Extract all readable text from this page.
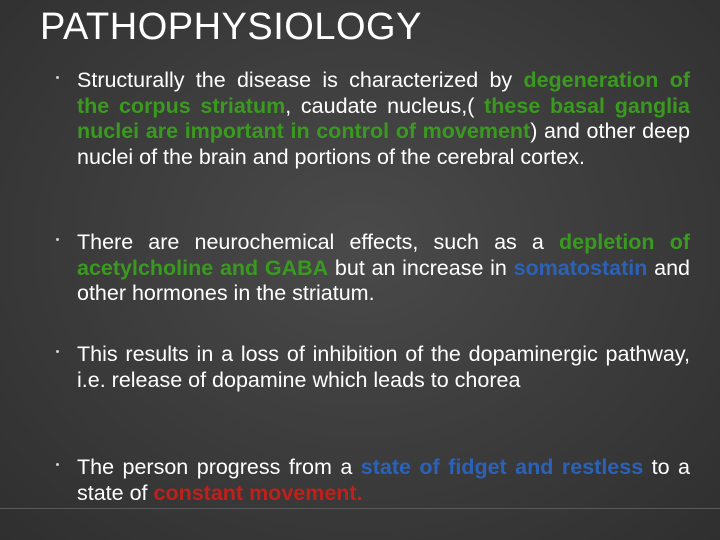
PATHOPHYSIOLOGY
Structurally the disease is characterized by degeneration of the corpus striatum, caudate nucleus,( these basal ganglia nuclei are important in control of movement) and other deep nuclei of the brain and portions of the cerebral cortex.
There are neurochemical effects, such as a depletion of acetylcholine and GABA but an increase in somatostatin and other hormones in the striatum.
This results in a loss of inhibition of the dopaminergic pathway, i.e. release of dopamine which leads to chorea
The person progress from a state of fidget and restless to a state of constant movement.
